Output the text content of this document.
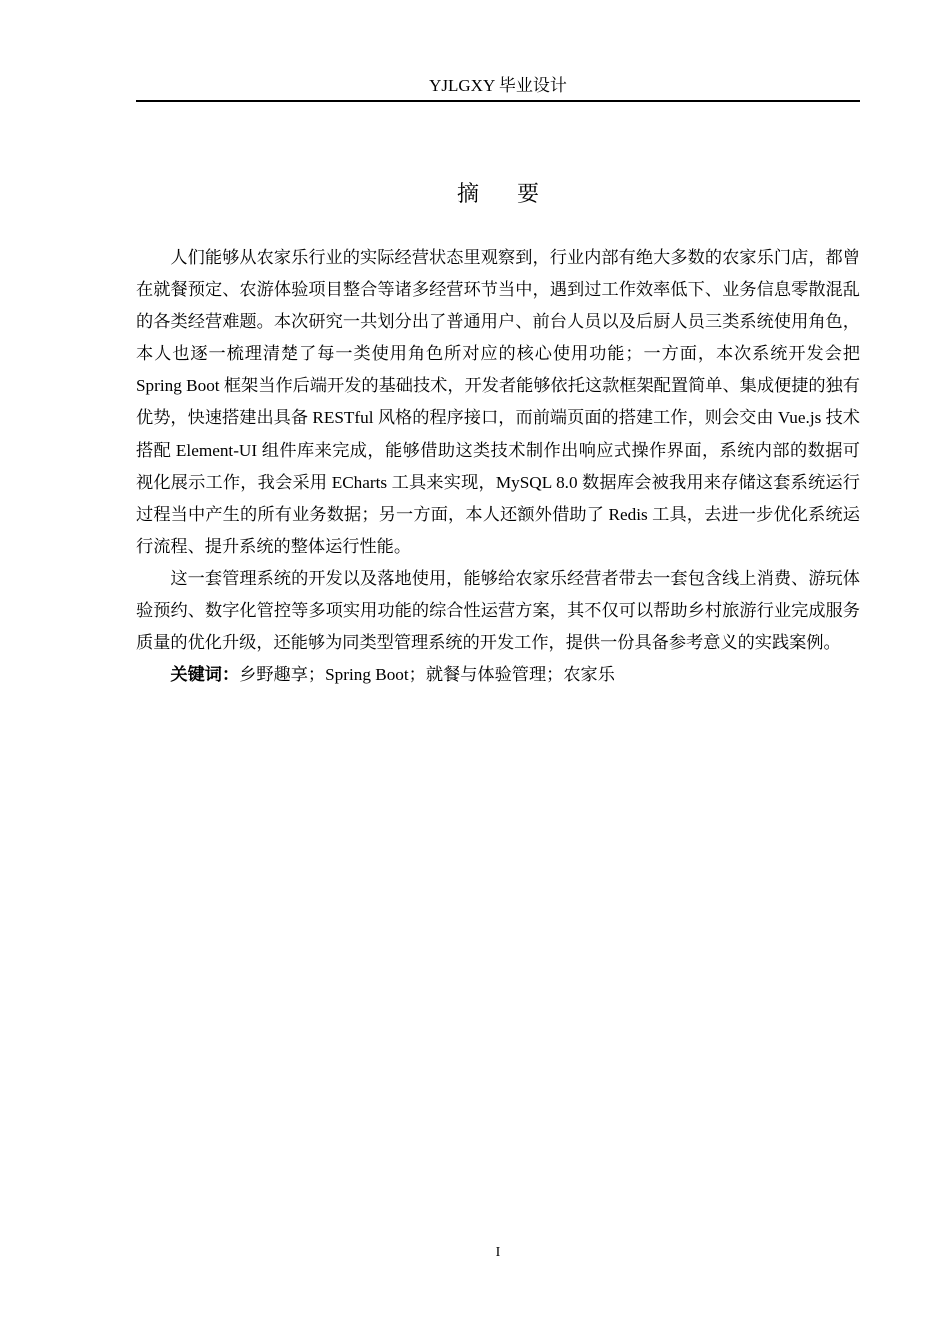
YJLGXY 毕业设计
摘要

人们能够从农家乐行业的实际经营状态里观察到，行业内部有绝大多数的农家乐门店，都曾在就餐预定、农游体验项目整合等诸多经营环节当中，遇到过工作效率低下、业务信息零散混乱的各类经营难题。本次研究一共划分出了普通用户、前台人员以及后厨人员三类系统使用角色，本人也逐一梳理清楚了每一类使用角色所对应的核心使用功能；一方面，本次系统开发会把 Spring Boot 框架当作后端开发的基础技术，开发者能够依托这款框架配置简单、集成便捷的独有优势，快速搭建出具备 RESTful 风格的程序接口，而前端页面的搭建工作，则会交由 Vue.js 技术搭配 Element-UI 组件库来完成，能够借助这类技术制作出响应式操作界面，系统内部的数据可视化展示工作，我会采用 ECharts 工具来实现，MySQL 8.0 数据库会被我用来存储这套系统运行过程当中产生的所有业务数据；另一方面，本人还额外借助了 Redis 工具，去进一步优化系统运行流程、提升系统的整体运行性能。

这一套管理系统的开发以及落地使用，能够给农家乐经营者带去一套包含线上消费、游玩体验预约、数字化管控等多项实用功能的综合性运营方案，其不仅可以帮助乡村旅游行业完成服务质量的优化升级，还能够为同类型管理系统的开发工作，提供一份具备参考意义的实践案例。

关键词：乡野趣享；Spring Boot；就餐与体验管理；农家乐

I
